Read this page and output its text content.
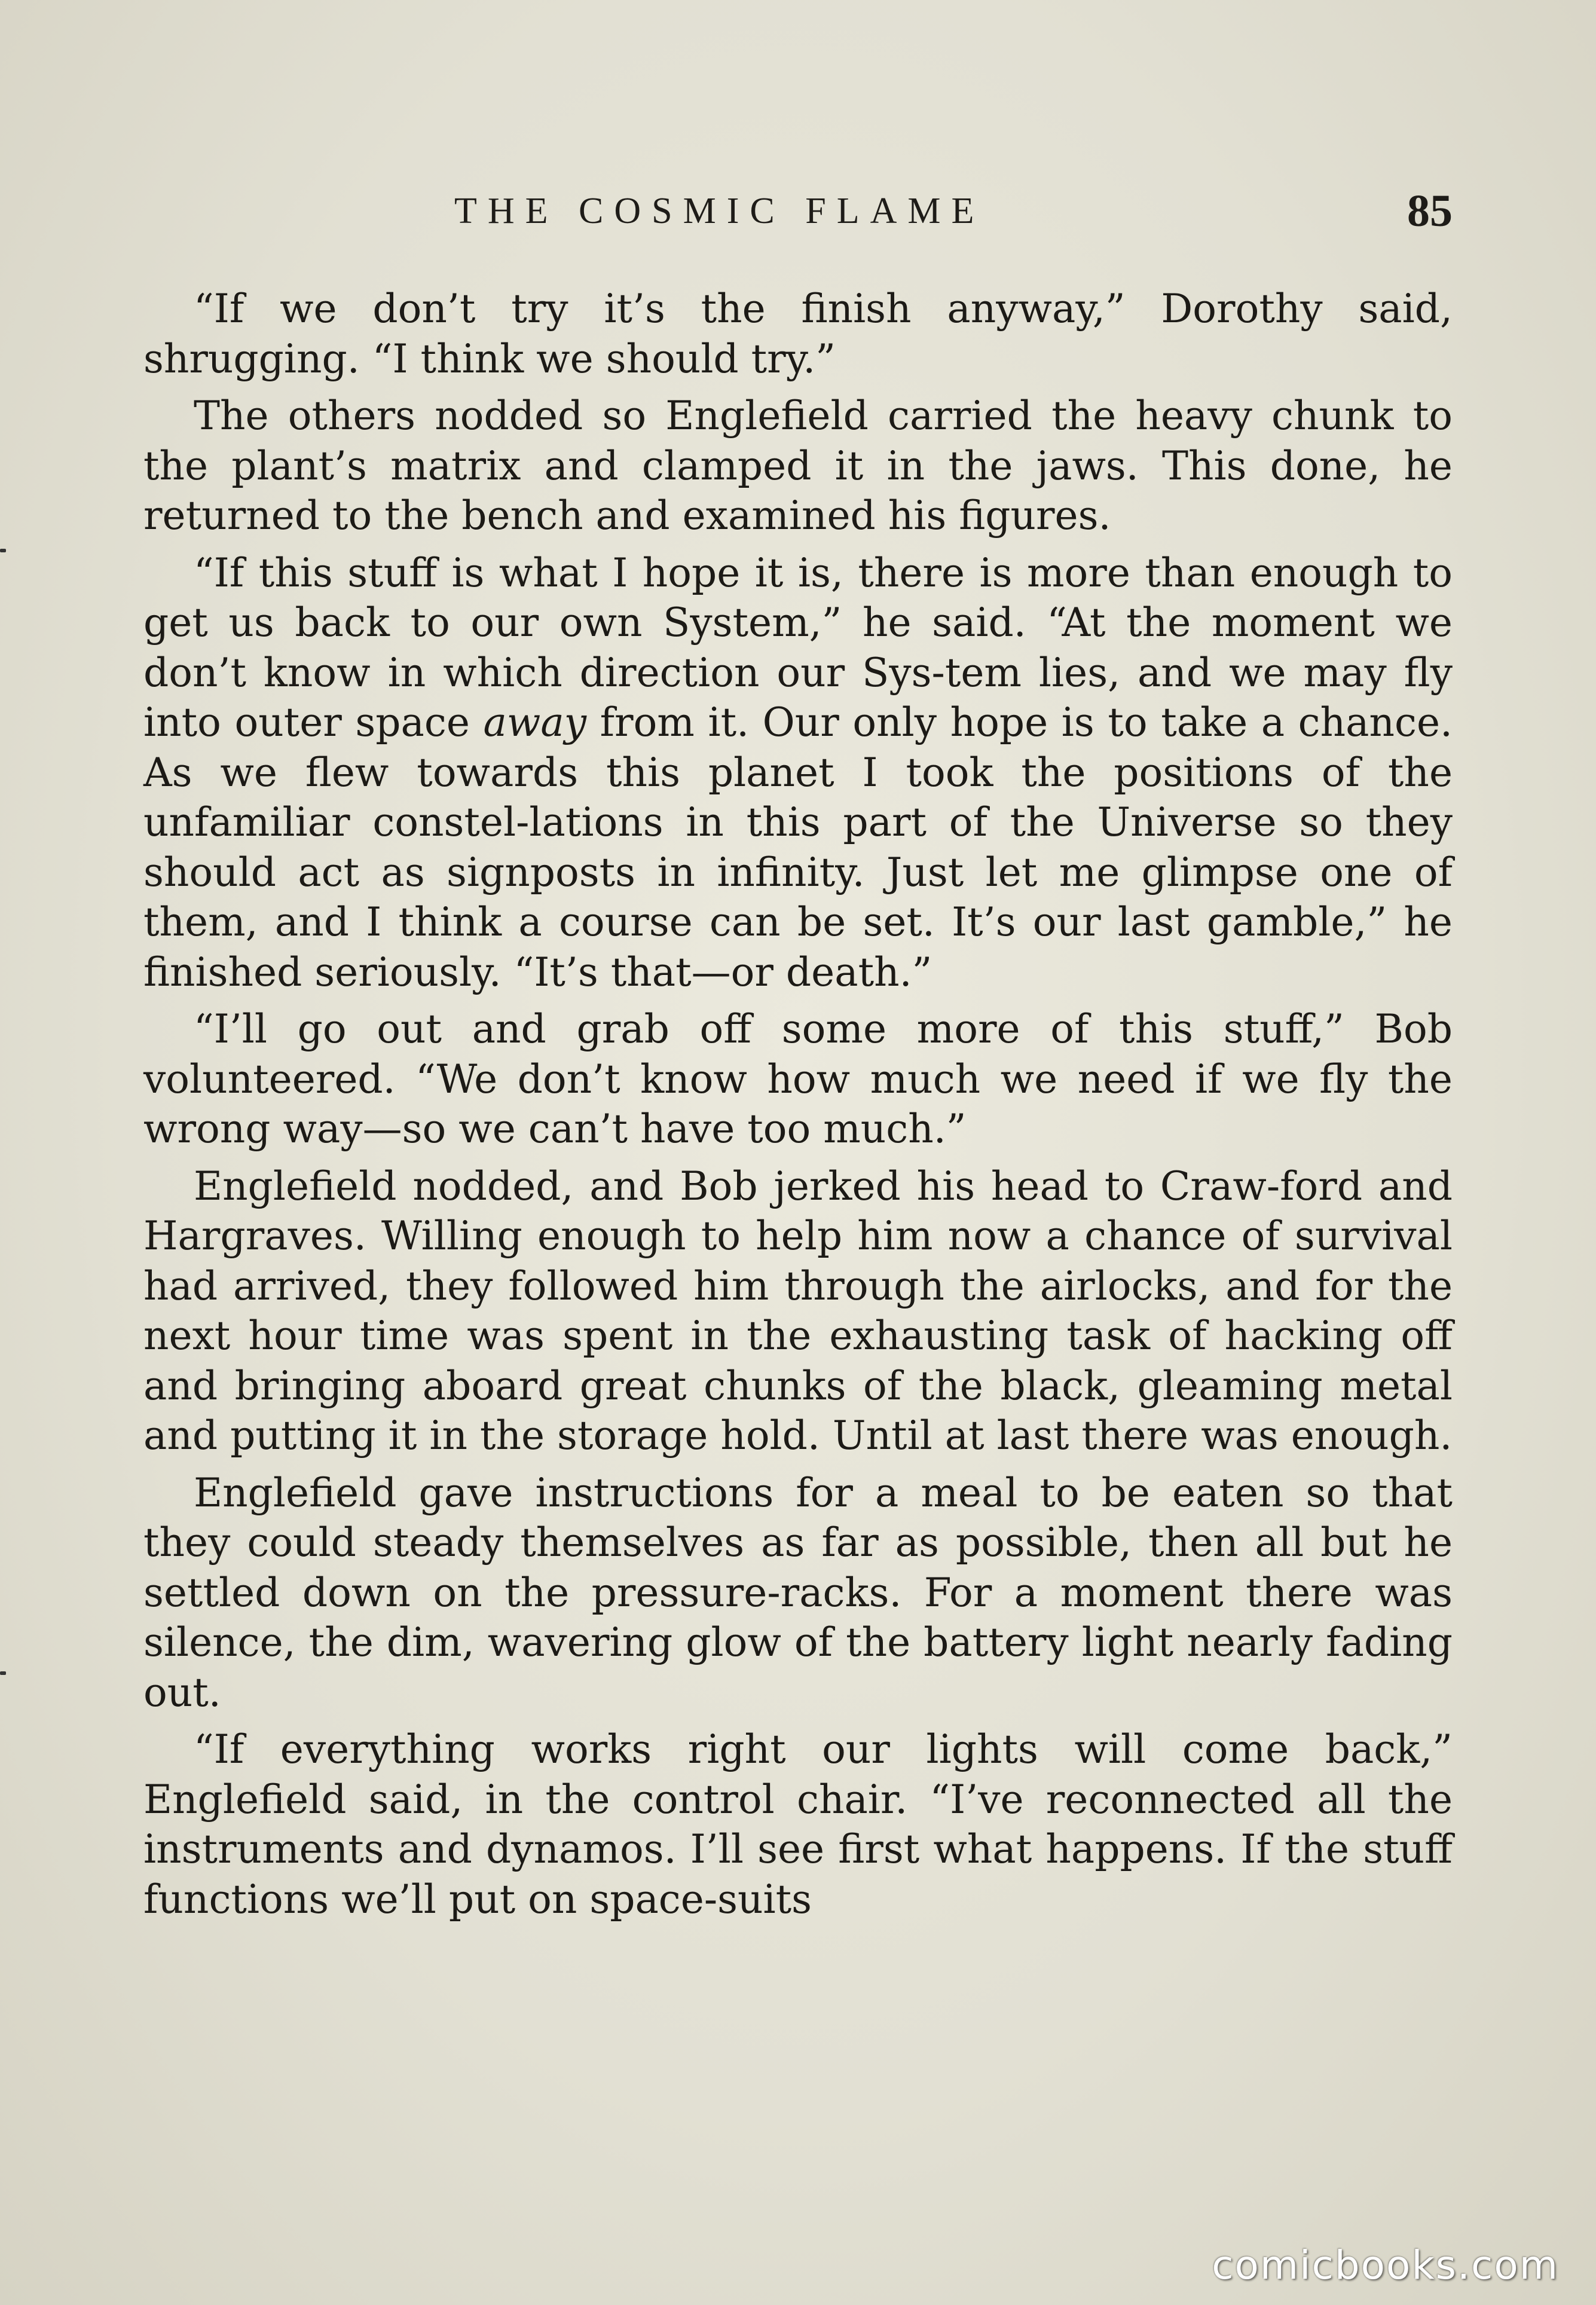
THE COSMIC FLAME	85

“If we don’t try it’s the finish anyway,” Dorothy said, shrugging. “I think we should try.”

The others nodded so Englefield carried the heavy chunk to the plant’s matrix and clamped it in the jaws. This done, he returned to the bench and examined his figures.

“If this stuff is what I hope it is, there is more than enough to get us back to our own System,” he said. “At the moment we don’t know in which direction our Sys-tem lies, and we may fly into outer space away from it. Our only hope is to take a chance. As we flew towards this planet I took the positions of the unfamiliar constel-lations in this part of the Universe so they should act as signposts in infinity. Just let me glimpse one of them, and I think a course can be set. It’s our last gamble,” he finished seriously. “It’s that—or death.”

“I’ll go out and grab off some more of this stuff,” Bob volunteered. “We don’t know how much we need if we fly the wrong way—so we can’t have too much.”

Englefield nodded, and Bob jerked his head to Craw-ford and Hargraves. Willing enough to help him now a chance of survival had arrived, they followed him through the airlocks, and for the next hour time was spent in the exhausting task of hacking off and bringing aboard great chunks of the black, gleaming metal and putting it in the storage hold. Until at last there was enough.

Englefield gave instructions for a meal to be eaten so that they could steady themselves as far as possible, then all but he settled down on the pressure-racks. For a moment there was silence, the dim, wavering glow of the battery light nearly fading out.

“If everything works right our lights will come back,” Englefield said, in the control chair. “I’ve reconnected all the instruments and dynamos. I’ll see first what happens. If the stuff functions we’ll put on space-suits

comicbooks.com
